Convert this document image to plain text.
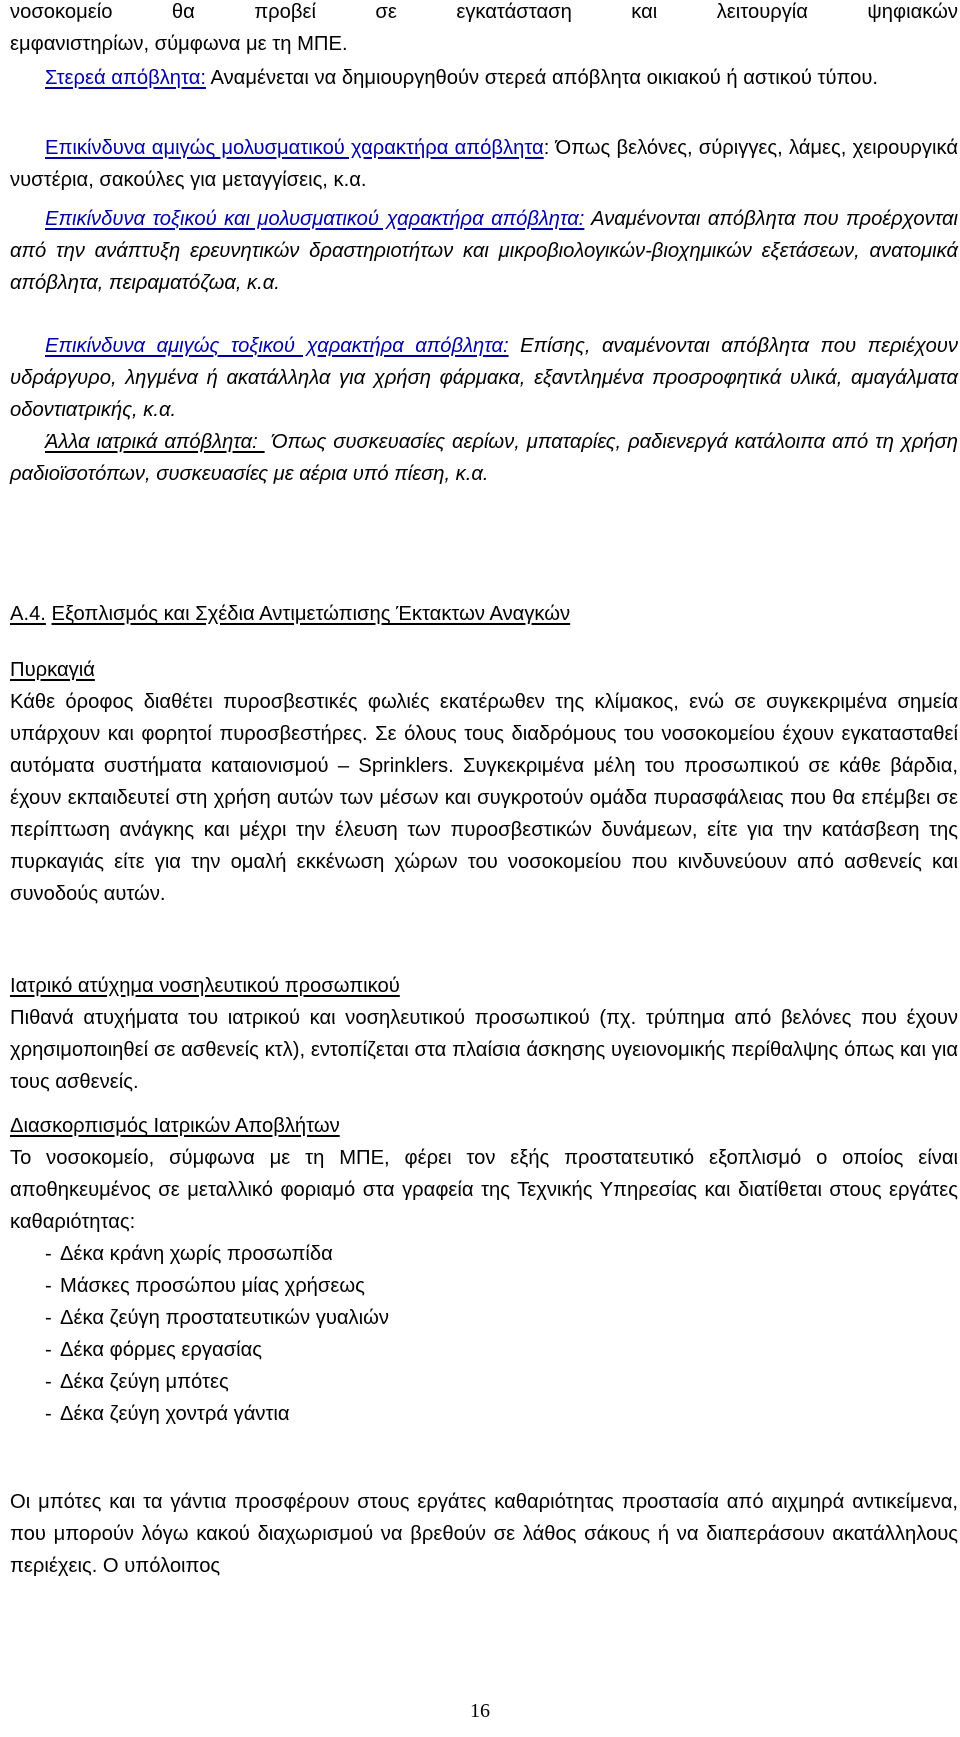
νοσοκομείο θα προβεί σε εγκατάσταση και λειτουργία ψηφιακών
εμφανιστηρίων, σύμφωνα με τη ΜΠΕ.

Στερεά απόβλητα: Αναμένεται να δημιουργηθούν στερεά απόβλητα οικιακού ή αστικού τύπου.

Επικίνδυνα αμιγώς μολυσματικού χαρακτήρα απόβλητα: Όπως βελόνες, σύριγγες, λάμες, χειρουργικά νυστέρια, σακούλες για μεταγγίσεις, κ.α.

Επικίνδυνα τοξικού και μολυσματικού χαρακτήρα απόβλητα: Αναμένονται απόβλητα που προέρχονται από την ανάπτυξη ερευνητικών δραστηριοτήτων και μικροβιολογικών-βιοχημικών εξετάσεων, ανατομικά απόβλητα, πειραματόζωα, κ.α.

Επικίνδυνα αμιγώς τοξικού χαρακτήρα απόβλητα: Επίσης, αναμένονται απόβλητα που περιέχουν υδράργυρο, ληγμένα ή ακατάλληλα για χρήση φάρμακα, εξαντλημένα προσροφητικά υλικά, αμαγάλματα οδοντιατρικής, κ.α.

Άλλα ιατρικά απόβλητα:  Όπως συσκευασίες αερίων, μπαταρίες, ραδιενεργά κατάλοιπα από τη χρήση ραδιοϊσοτόπων, συσκευασίες με αέρια υπό πίεση, κ.α.

Α.4. Εξοπλισμός και Σχέδια Αντιμετώπισης Έκτακτων Αναγκών

Πυρκαγιά

Κάθε όροφος διαθέτει πυροσβεστικές φωλιές εκατέρωθεν της κλίμακος, ενώ σε συγκεκριμένα σημεία υπάρχουν και φορητοί πυροσβεστήρες. Σε όλους τους διαδρόμους του νοσοκομείου έχουν εγκατασταθεί αυτόματα συστήματα καταιονισμού – Sprinklers. Συγκεκριμένα μέλη του προσωπικού σε κάθε βάρδια, έχουν εκπαιδευτεί στη χρήση αυτών των μέσων και συγκροτούν ομάδα πυρασφάλειας που θα επέμβει σε περίπτωση ανάγκης και μέχρι την έλευση των πυροσβεστικών δυνάμεων, είτε για την κατάσβεση της πυρκαγιάς είτε για την ομαλή εκκένωση χώρων του νοσοκομείου που κινδυνεύουν από ασθενείς και συνοδούς αυτών.

Ιατρικό ατύχημα νοσηλευτικού προσωπικού

Πιθανά ατυχήματα του ιατρικού και νοσηλευτικού προσωπικού (πχ. τρύπημα από βελόνες που έχουν χρησιμοποιηθεί σε ασθενείς κτλ), εντοπίζεται στα πλαίσια άσκησης υγειονομικής περίθαλψης όπως και για τους ασθενείς.

Διασκορπισμός Ιατρικών Αποβλήτων

Το νοσοκομείο, σύμφωνα με τη ΜΠΕ, φέρει τον εξής προστατευτικό εξοπλισμό ο οποίος είναι αποθηκευμένος σε μεταλλικό φοριαμό στα γραφεία της Τεχνικής Υπηρεσίας και διατίθεται στους εργάτες καθαριότητας:

- Δέκα κράνη χωρίς προσωπίδα
- Μάσκες προσώπου μίας χρήσεως
- Δέκα ζεύγη προστατευτικών γυαλιών
- Δέκα φόρμες εργασίας
- Δέκα ζεύγη μπότες
- Δέκα ζεύγη χοντρά γάντια

Οι μπότες και τα γάντια προσφέρουν στους εργάτες καθαριότητας προστασία από αιχμηρά αντικείμενα, που μπορούν λόγω κακού διαχωρισμού να βρεθούν σε λάθος σάκους ή να διαπεράσουν ακατάλληλους περιέχεις. Ο υπόλοιπος

16
